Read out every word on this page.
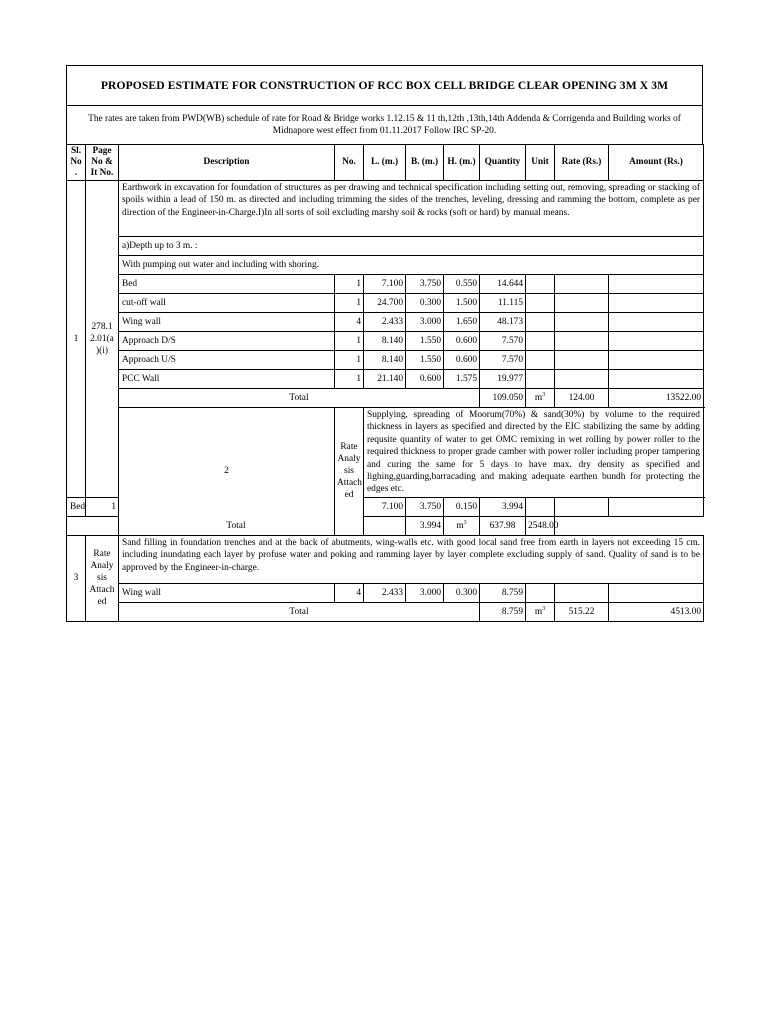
PROPOSED ESTIMATE FOR CONSTRUCTION OF RCC BOX CELL BRIDGE CLEAR OPENING 3M X 3M
The rates are taken from PWD(WB) schedule of rate for Road & Bridge works 1.12.15 & 11 th,12th ,13th,14th Addenda & Corrigenda and Building works of Midnapore west effect from 01.11.2017 Follow IRC SP-20.
Sl. No .	Page No & It No.	Description	No.	L. (m.)	B. (m.)	H. (m.)	Quantity	Unit	Rate (Rs.)	Amount (Rs.)
1	278.1 2.01(a )(i)	Earthwork in excavation for foundation of structures as per drawing and technical specification including setting out, removing, spreading or stacking of spoils within a lead of 150 m. as directed and including trimming the sides of the trenches, leveling, dressing and ramming the bottom, complete as per direction of the Engineer-in-Charge.I)In all sorts of soil excluding marshy soil & rocks (soft or hard) by manual means.								
		a)Depth up to 3 m. :								
		With pumping out water and including with shoring.								
		Bed	1	7.100	3.750	0.550	14.644			
		cut-off wall	1	24.700	0.300	1.500	11.115			
		Wing wall	4	2.433	3.000	1.650	48.173			
		Approach D/S	1	8.140	1.550	0.600	7.570			
		Approach U/S	1	8.140	1.550	0.600	7.570			
		PCC Wall	1	21.140	0.600	1.575	19.977			
		Total					109.050	$m^3$	124.00	13522.00
		2	Rate Analy sis Attach ed	Supplying, spreading of Moorum(70%) & sand(30%) by volume to the required thickness in layers as specified and directed by the EIC stabilizing the same by adding requsite quantity of water to get OMC remixing in wet rolling by power roller to the required thickness to proper grade camber with power roller including proper tampering and curing the same for 5 days to have max. dry density as specified and lighing,guarding,barracading and making adequate earthen bundh for protecting the edges etc.						
Bed	1			7.100	3.750	0.150	3.994			
Total					3.994	$m^3$	637.98	2548.00		
3	Rate Analy sis Attach ed	Sand filling in foundation trenches and at the back of abutments, wing-walls etc. with good local sand free from earth in layers not exceeding 15 cm. including inundating each layer by profuse water and poking and ramming layer by layer complete excluding supply of sand. Quality of sand is to be approved by the Engineer-in-charge.								
		Wing wall	4	2.433	3.000	0.300	8.759			
		Total					8.759	$m^3$	515.22	4513.00
